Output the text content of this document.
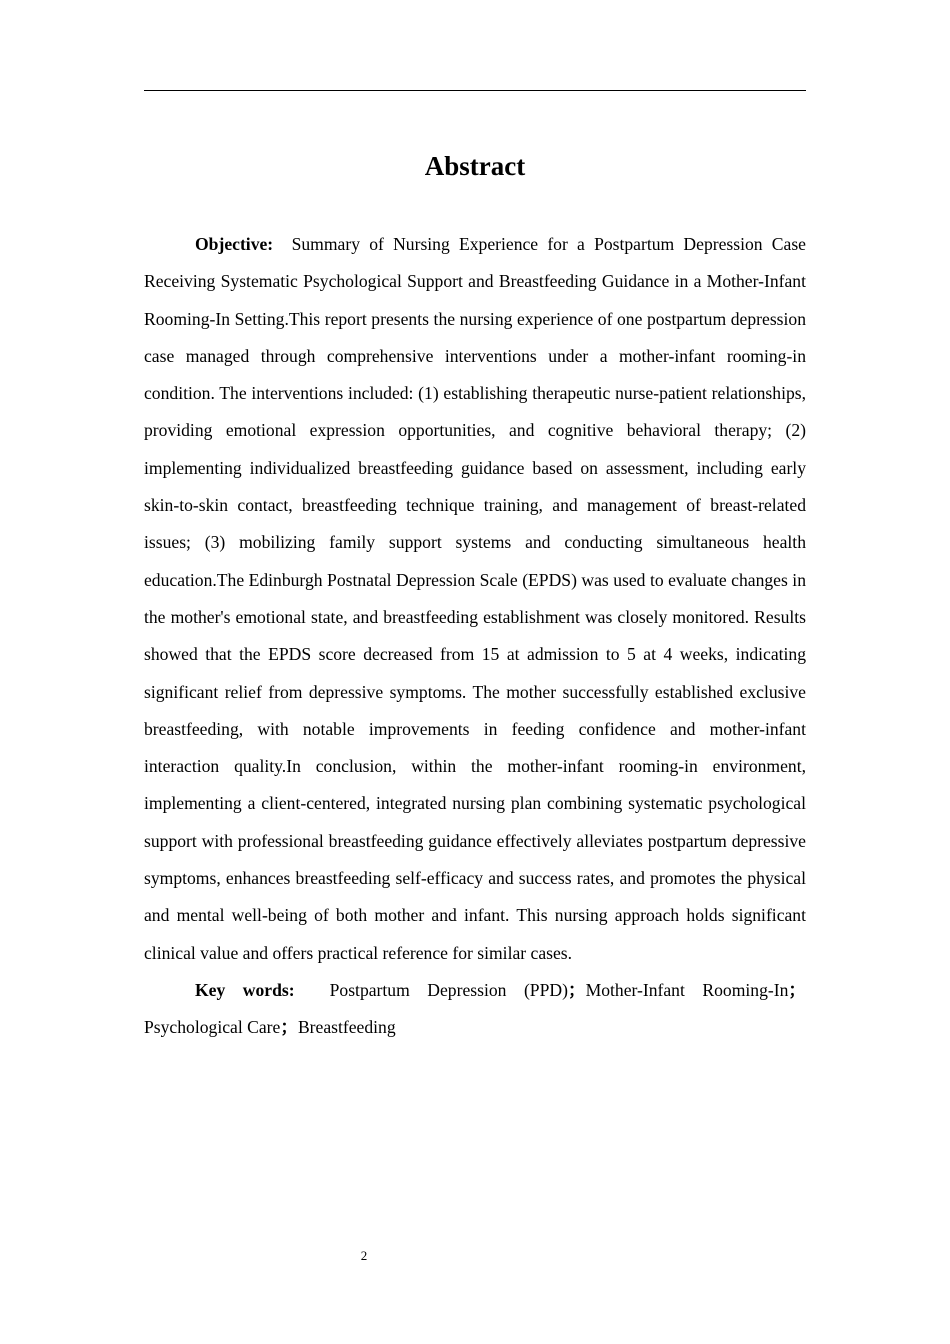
Abstract

Objective: Summary of Nursing Experience for a Postpartum Depression Case Receiving Systematic Psychological Support and Breastfeeding Guidance in a Mother-Infant Rooming-In Setting.This report presents the nursing experience of one postpartum depression case managed through comprehensive interventions under a mother-infant rooming-in condition. The interventions included: (1) establishing therapeutic nurse-patient relationships, providing emotional expression opportunities, and cognitive behavioral therapy; (2) implementing individualized breastfeeding guidance based on assessment, including early skin-to-skin contact, breastfeeding technique training, and management of breast-related issues; (3) mobilizing family support systems and conducting simultaneous health education.The Edinburgh Postnatal Depression Scale (EPDS) was used to evaluate changes in the mother's emotional state, and breastfeeding establishment was closely monitored. Results showed that the EPDS score decreased from 15 at admission to 5 at 4 weeks, indicating significant relief from depressive symptoms. The mother successfully established exclusive breastfeeding, with notable improvements in feeding confidence and mother-infant interaction quality.In conclusion, within the mother-infant rooming-in environment, implementing a client-centered, integrated nursing plan combining systematic psychological support with professional breastfeeding guidance effectively alleviates postpartum depressive symptoms, enhances breastfeeding self-efficacy and success rates, and promotes the physical and mental well-being of both mother and infant. This nursing approach holds significant clinical value and offers practical reference for similar cases.

Key words: Postpartum Depression (PPD)；Mother-Infant Rooming-In；Psychological Care；Breastfeeding

2
